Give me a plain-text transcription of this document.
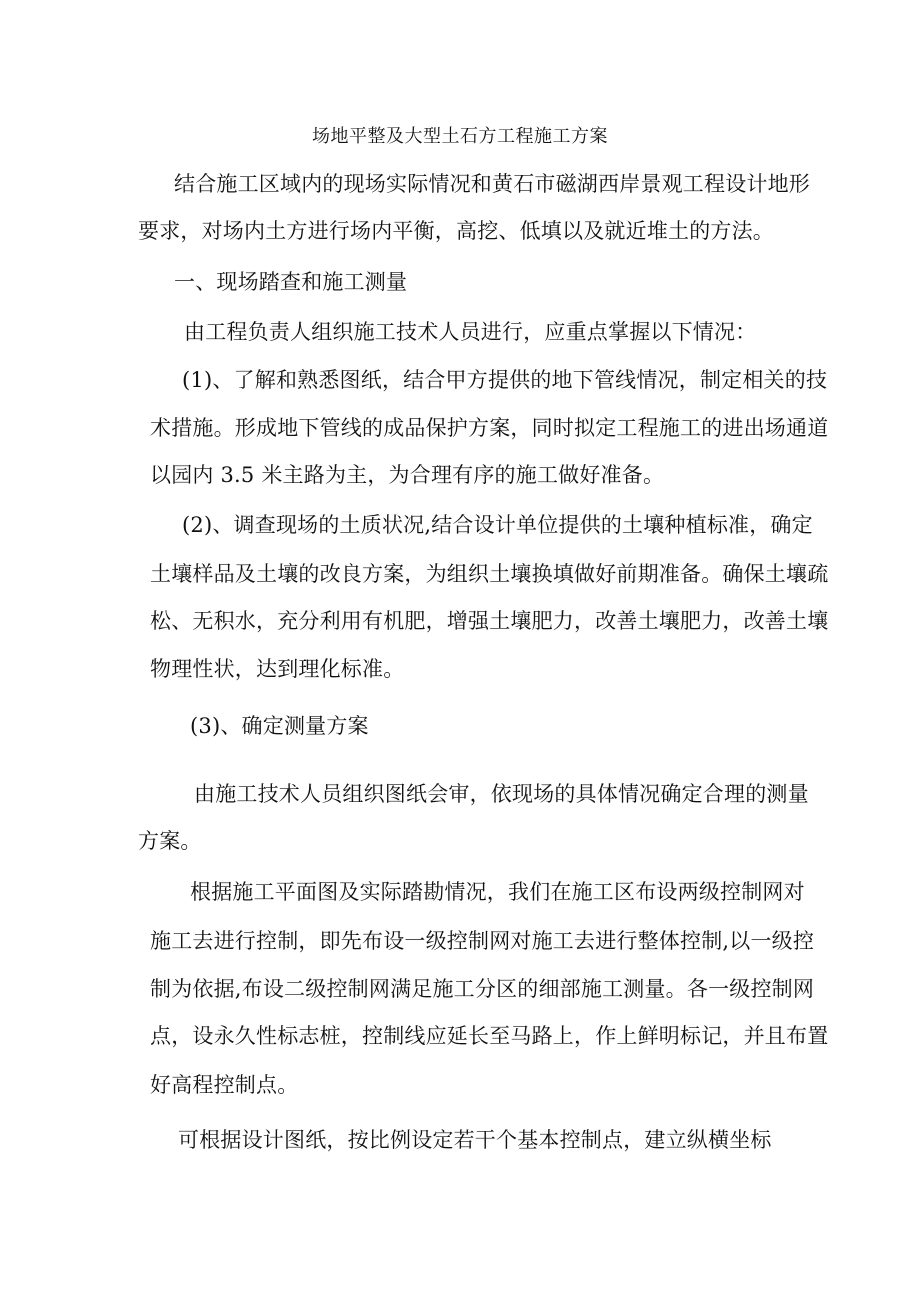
场地平整及大型土石方工程施工方案
结合施工区域内的现场实际情况和黄石市磁湖西岸景观工程设计地形
要求，对场内土方进行场内平衡，高挖、低填以及就近堆土的方法。
一、现场踏查和施工测量
由工程负责人组织施工技术人员进行，应重点掌握以下情况：
(1)、了解和熟悉图纸，结合甲方提供的地下管线情况，制定相关的技
术措施。形成地下管线的成品保护方案，同时拟定工程施工的进出场通道
以园内 3.5 米主路为主，为合理有序的施工做好准备。
(2)、调查现场的土质状况,结合设计单位提供的土壤种植标准，确定
土壤样品及土壤的改良方案，为组织土壤换填做好前期准备。确保土壤疏
松、无积水，充分利用有机肥，增强土壤肥力，改善土壤肥力，改善土壤
物理性状，达到理化标准。
(3)、确定测量方案
由施工技术人员组织图纸会审，依现场的具体情况确定合理的测量
方案。
根据施工平面图及实际踏勘情况，我们在施工区布设两级控制网对
施工去进行控制，即先布设一级控制网对施工去进行整体控制,以一级控
制为依据,布设二级控制网满足施工分区的细部施工测量。各一级控制网
点，设永久性标志桩，控制线应延长至马路上，作上鲜明标记，并且布置
好高程控制点。
可根据设计图纸，按比例设定若干个基本控制点，建立纵横坐标
